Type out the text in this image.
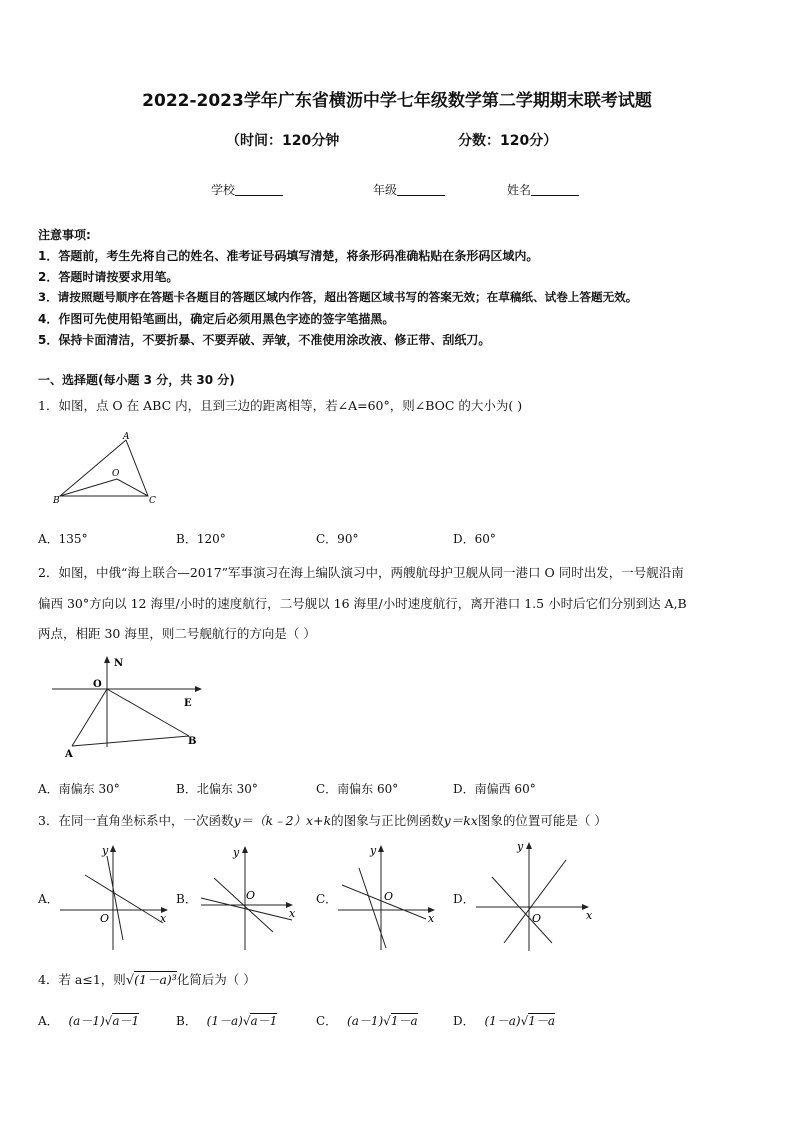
2022-2023学年广东省横沥中学七年级数学第二学期期末联考试题
（时间：120分钟	分数：120分）
学校	年级	姓名
注意事项:
1．答题前，考生先将自己的姓名、准考证号码填写清楚，将条形码准确粘贴在条形码区域内。
2．答题时请按要求用笔。
3．请按照题号顺序在答题卡各题目的答题区域内作答，超出答题区域书写的答案无效；在草稿纸、试卷上答题无效。
4．作图可先使用铅笔画出，确定后必须用黑色字迹的签字笔描黑。
5．保持卡面清洁，不要折暴、不要弄破、弄皱，不准使用涂改液、修正带、刮纸刀。
一、选择题(每小题 3 分，共 30 分)
1．如图，点 O 在 ABC 内，且到三边的距离相等，若∠A=60°，则∠BOC 的大小为( )
A
O
B	C
A．135°	B．120°	C．90°	D．60°
2．如图，中俄“海上联合—2017”军事演习在海上编队演习中，两艘航母护卫舰从同一港口 O 同时出发，一号舰沿南
偏西 30°方向以 12 海里/小时的速度航行，二号舰以 16 海里/小时速度航行，离开港口 1.5 小时后它们分别到达 A,B
两点，相距 30 海里，则二号舰航行的方向是（ ）
N
O
E
A
B
A．南偏东 30°	B．北偏东 30°	C．南偏东 60°	D．南偏西 60°
3．在同一直角坐标系中，一次函数y＝（k﹣2）x+k的图象与正比例函数y＝kx图象的位置可能是（ ）
A．	B．	C．	D．
y
x
O
y
x
O
y
x
O
y
x
O
4．若 a≤1，则√(1－a)³化简后为（ ）
A． (a－1)√a－1	B． (1－a)√a－1	C． (a－1)√1－a	D． (1－a)√1－a
